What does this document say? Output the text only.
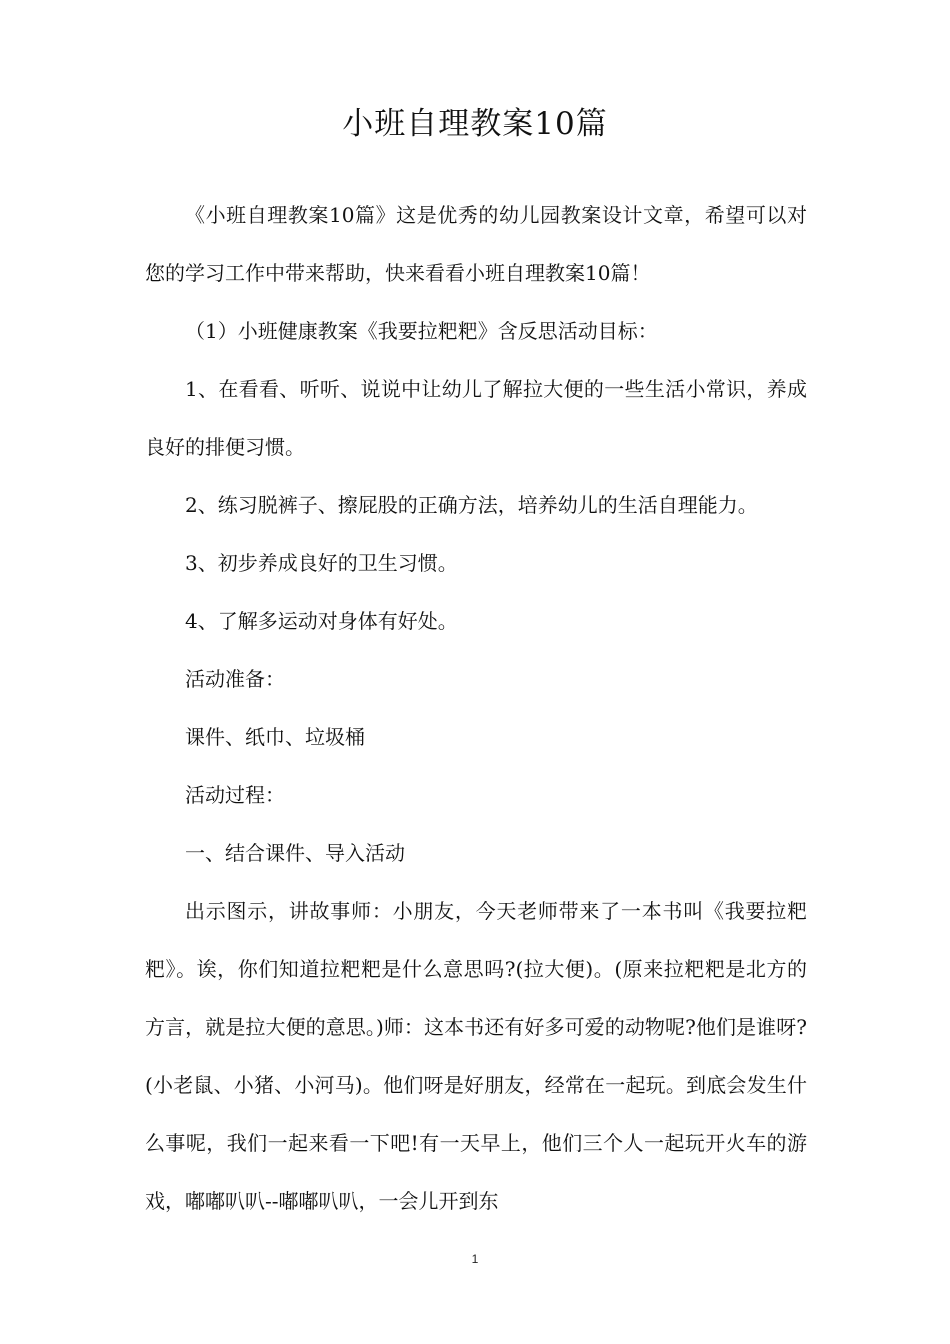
小班自理教案10篇

《小班自理教案10篇》这是优秀的幼儿园教案设计文章，希望可以对您的学习工作中带来帮助，快来看看小班自理教案10篇！

（1）小班健康教案《我要拉粑粑》含反思活动目标：

1、在看看、听听、说说中让幼儿了解拉大便的一些生活小常识，养成良好的排便习惯。

2、练习脱裤子、擦屁股的正确方法，培养幼儿的生活自理能力。

3、初步养成良好的卫生习惯。

4、了解多运动对身体有好处。

活动准备：

课件、纸巾、垃圾桶

活动过程：

一、结合课件、导入活动

出示图示，讲故事师：小朋友，今天老师带来了一本书叫《我要拉粑粑》。诶，你们知道拉粑粑是什么意思吗?(拉大便)。(原来拉粑粑是北方的方言，就是拉大便的意思。)师：这本书还有好多可爱的动物呢?他们是谁呀?(小老鼠、小猪、小河马)。他们呀是好朋友，经常在一起玩。到底会发生什么事呢，我们一起来看一下吧!有一天早上，他们三个人一起玩开火车的游戏，嘟嘟叭叭--嘟嘟叭叭，一会儿开到东

1
